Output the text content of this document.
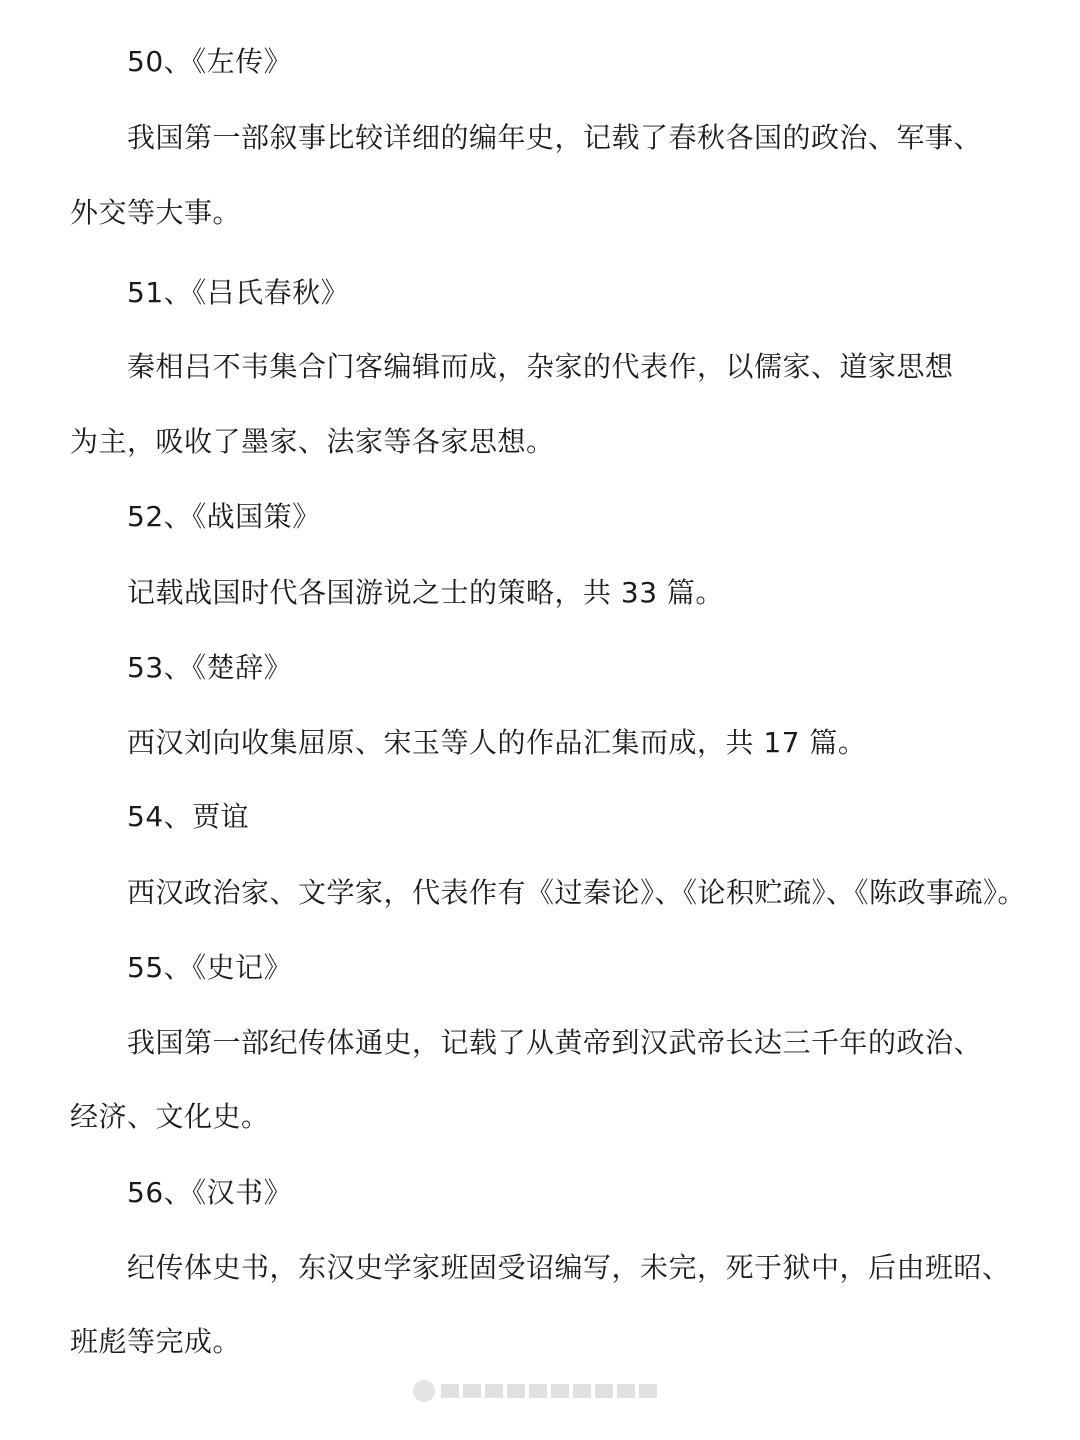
50、《左传》
我国第一部叙事比较详细的编年史，记载了春秋各国的政治、军事、
外交等大事。
51、《吕氏春秋》
秦相吕不韦集合门客编辑而成，杂家的代表作，以儒家、道家思想
为主，吸收了墨家、法家等各家思想。
52、《战国策》
记载战国时代各国游说之士的策略，共 33 篇。
53、《楚辞》
西汉刘向收集屈原、宋玉等人的作品汇集而成，共 17 篇。
54、贾谊
西汉政治家、文学家，代表作有《过秦论》、《论积贮疏》、《陈政事疏》。
55、《史记》
我国第一部纪传体通史，记载了从黄帝到汉武帝长达三千年的政治、
经济、文化史。
56、《汉书》
纪传体史书，东汉史学家班固受诏编写，未完，死于狱中，后由班昭、
班彪等完成。
